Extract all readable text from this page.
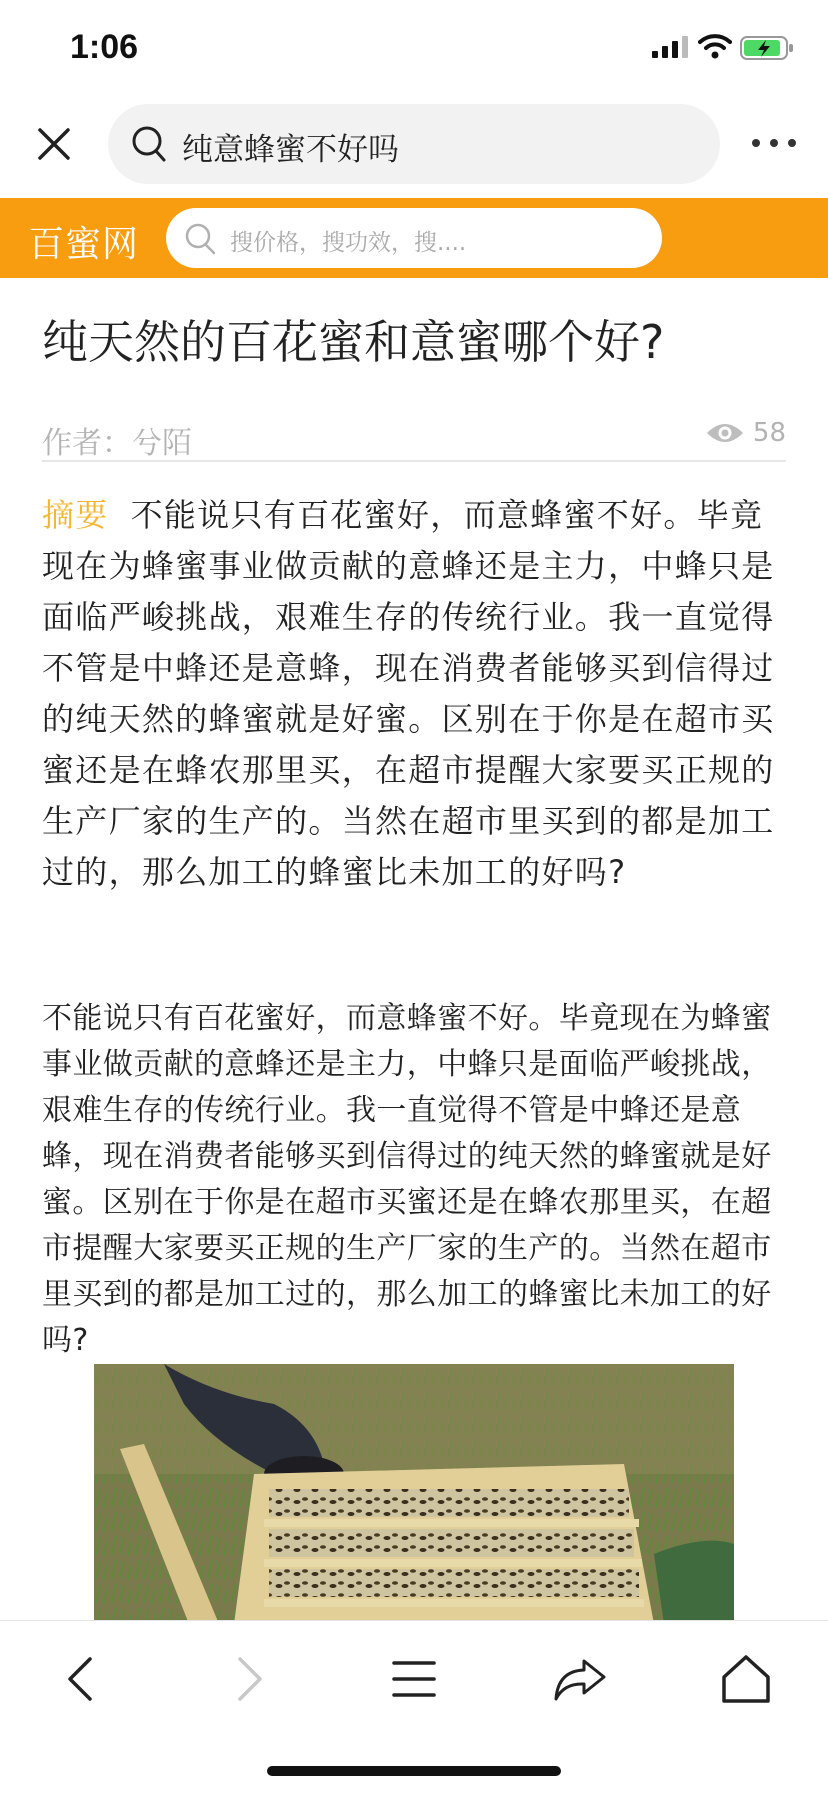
1:06
纯意蜂蜜不好吗
百蜜网	搜价格，搜功效，搜....
纯天然的百花蜜和意蜜哪个好?
作者：兮陌	58

摘要 不能说只有百花蜜好，而意蜂蜜不好。毕竟现在为蜂蜜事业做贡献的意蜂还是主力，中蜂只是面临严峻挑战，艰难生存的传统行业。我一直觉得不管是中蜂还是意蜂，现在消费者能够买到信得过的纯天然的蜂蜜就是好蜜。区别在于你是在超市买蜜还是在蜂农那里买，在超市提醒大家要买正规的生产厂家的生产的。当然在超市里买到的都是加工过的，那么加工的蜂蜜比未加工的好吗?

不能说只有百花蜜好，而意蜂蜜不好。毕竟现在为蜂蜜事业做贡献的意蜂还是主力，中蜂只是面临严峻挑战，艰难生存的传统行业。我一直觉得不管是中蜂还是意蜂，现在消费者能够买到信得过的纯天然的蜂蜜就是好蜜。区别在于你是在超市买蜜还是在蜂农那里买，在超市提醒大家要买正规的生产厂家的生产的。当然在超市里买到的都是加工过的，那么加工的蜂蜜比未加工的好吗?
